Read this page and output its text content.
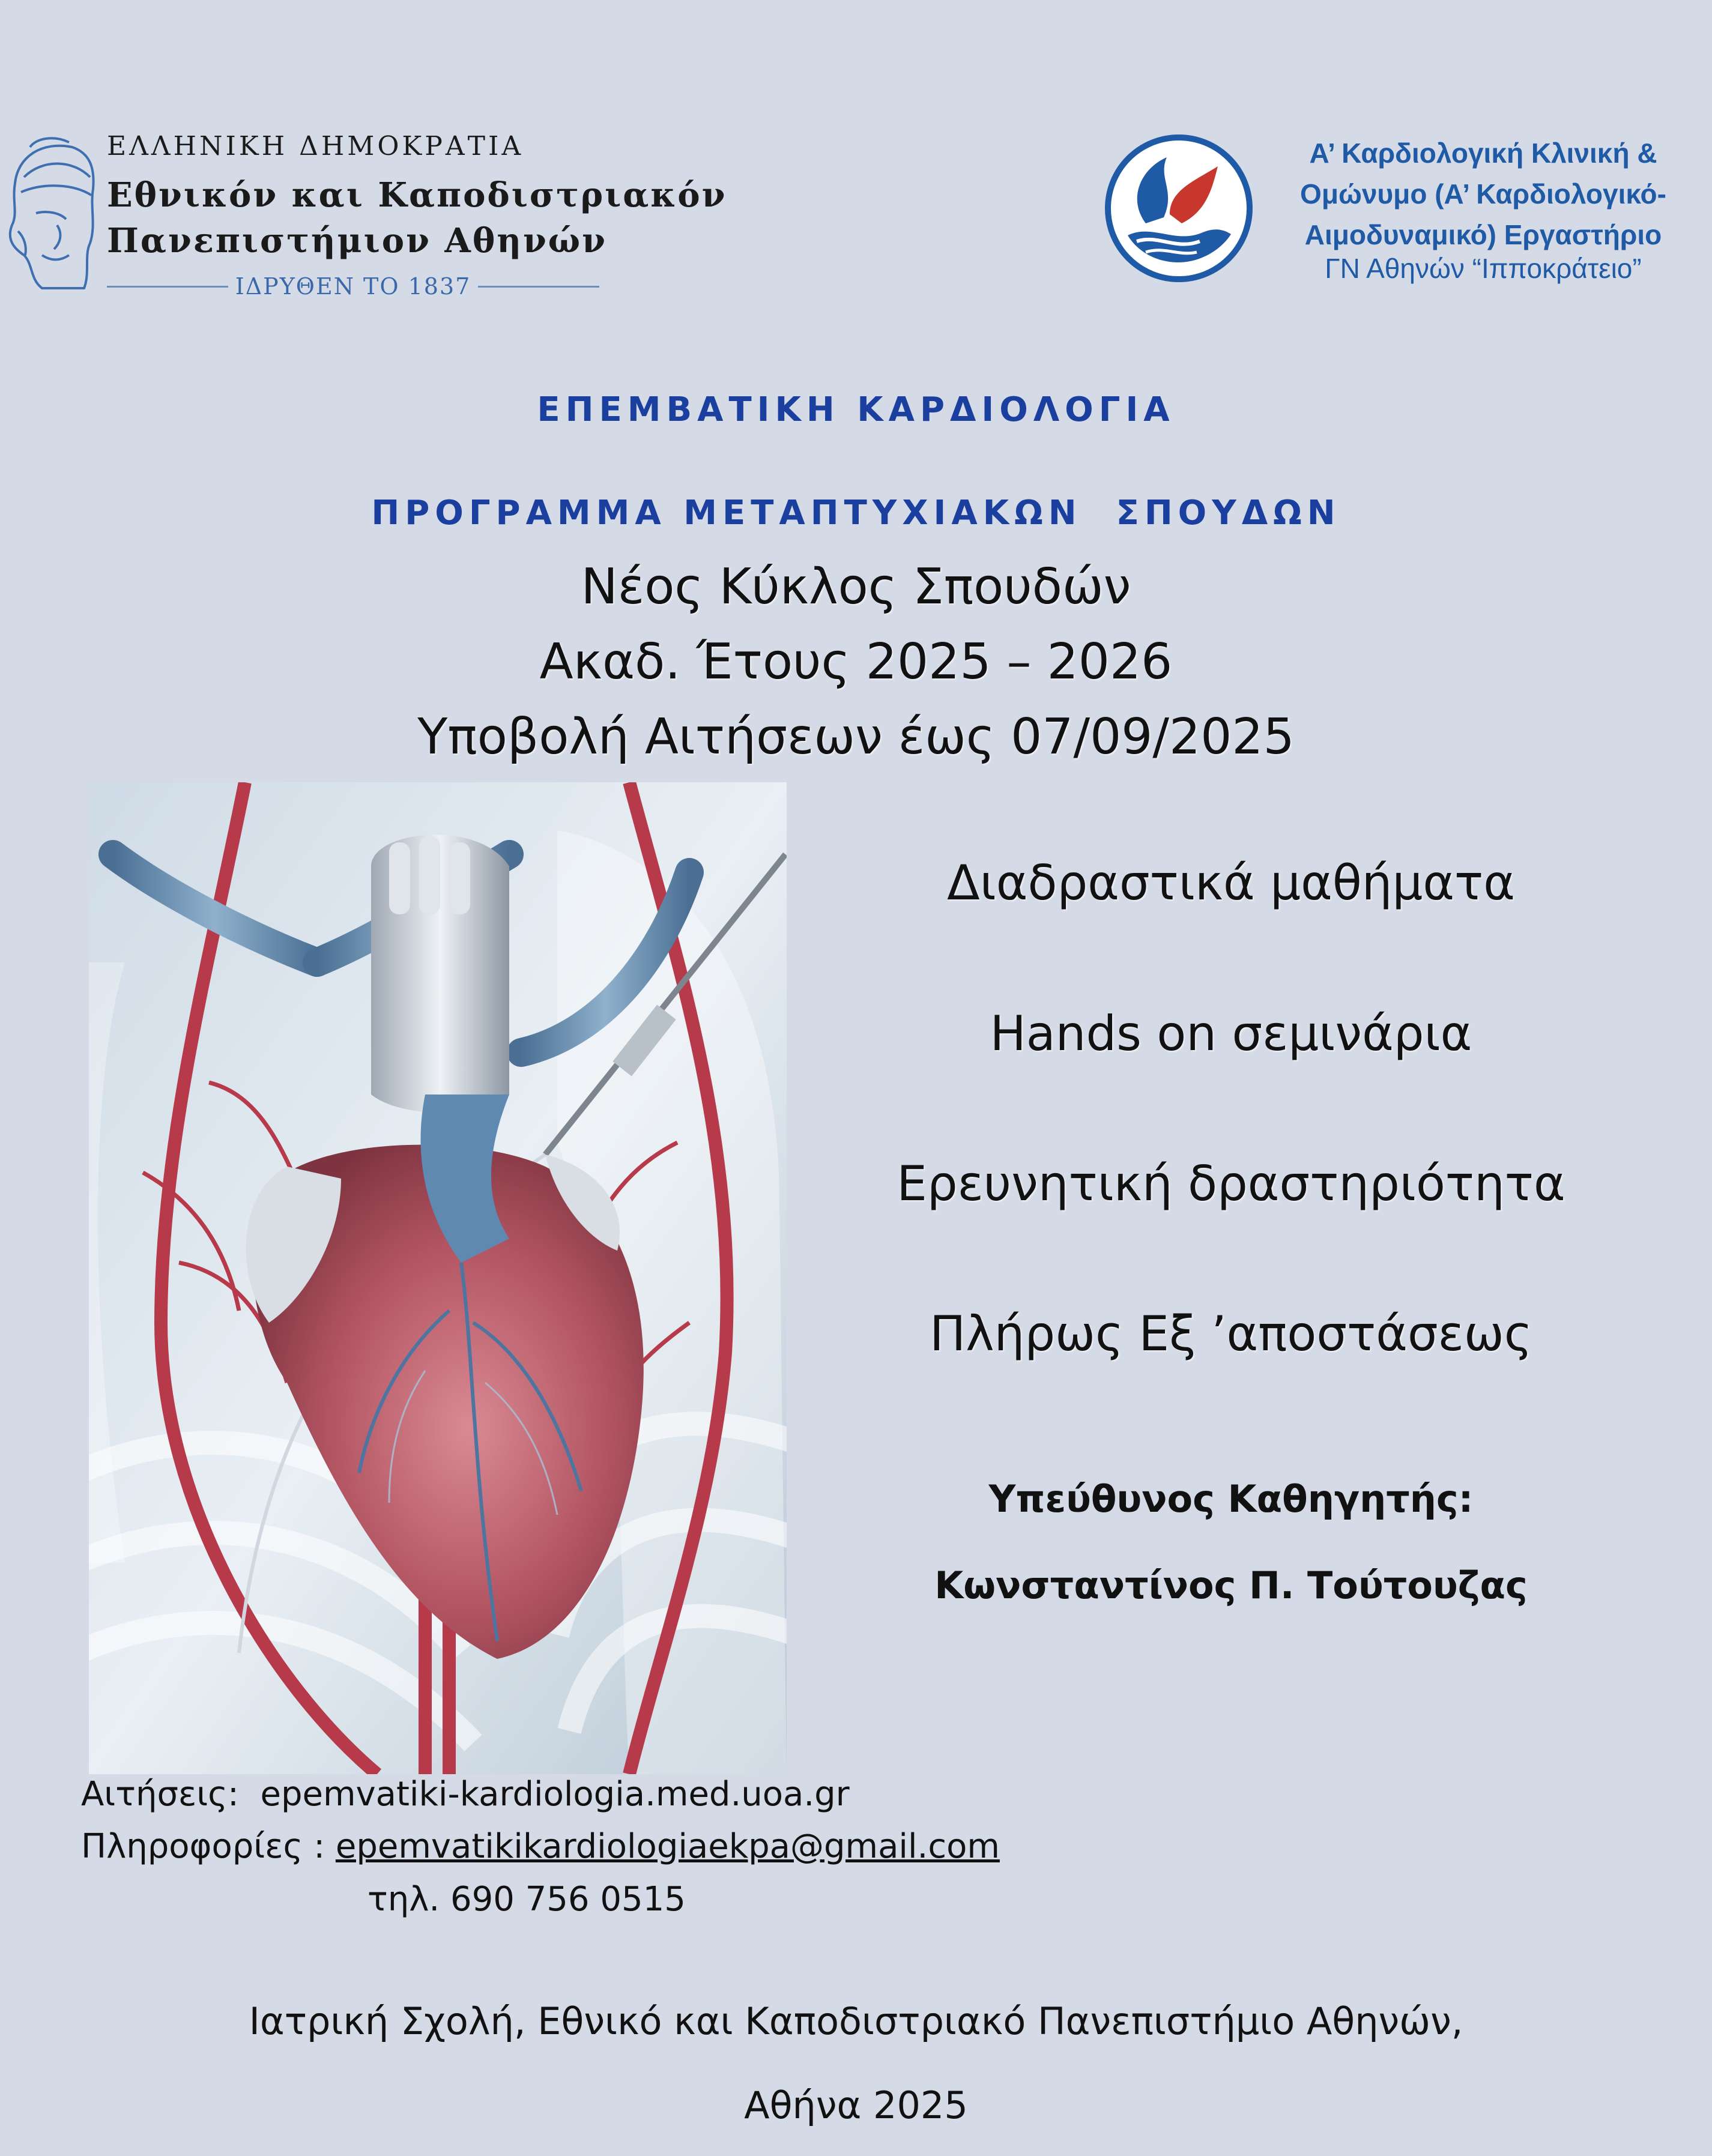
ΕΛΛΗΝΙΚΗ ΔΗΜΟΚΡΑΤΙΑ
Εθνικόν και Καποδιστριακόν
Πανεπιστήμιον Αθηνών
ΙΔΡΥΘΕΝ ΤΟ 1837
Α’ Καρδιολογική Κλινική &
Ομώνυμο (Α’ Καρδιολογικό-
Αιμοδυναμικό) Εργαστήριο
ΓΝ Αθηνών “Ιπποκράτειο”
ΕΠΕΜΒΑΤΙΚΗ ΚΑΡΔΙΟΛΟΓΙΑ
ΠΡΟΓΡΑΜΜΑ ΜΕΤΑΠΤΥΧΙΑΚΩΝ  ΣΠΟΥΔΩΝ
Νέος Κύκλος Σπουδών
Ακαδ. Έτους 2025 – 2026
Υποβολή Αιτήσεων έως 07/09/2025
Διαδραστικά μαθήματα
Hands on σεμινάρια
Ερευνητική δραστηριότητα
Πλήρως Εξ ’αποστάσεως
Υπεύθυνος Καθηγητής:
Κωνσταντίνος Π. Τούτουζας
Αιτήσεις:  epemvatiki-kardiologia.med.uoa.gr
Πληροφορίες : epemvatikikardiologiaekpa@gmail.com
τηλ. 690 756 0515
Ιατρική Σχολή, Εθνικό και Καποδιστριακό Πανεπιστήμιο Αθηνών,
Αθήνα 2025
